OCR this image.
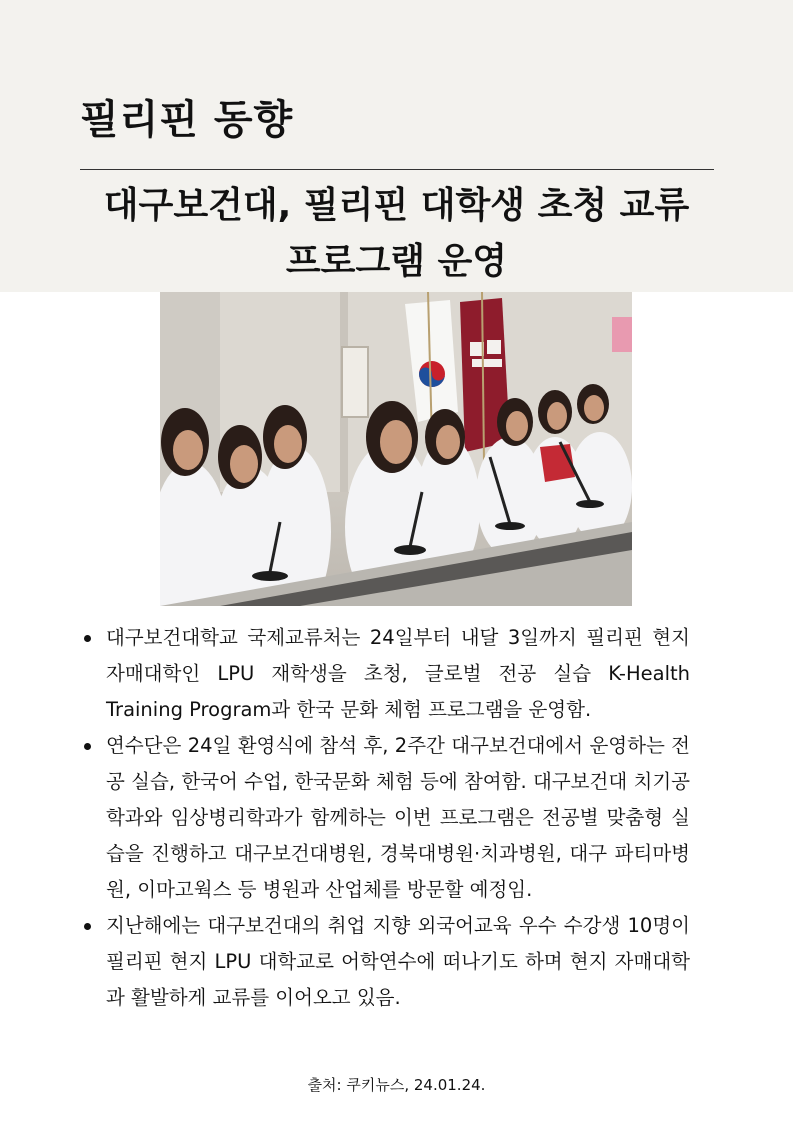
필리핀 동향
대구보건대, 필리핀 대학생 초청 교류
프로그램 운영
대구보건대학교 국제교류처는 24일부터 내달 3일까지 필리핀 현지 자매대학인 LPU 재학생을 초청, 글로벌 전공 실습 K-Health Training Program과 한국 문화 체험 프로그램을 운영함.
연수단은 24일 환영식에 참석 후, 2주간 대구보건대에서 운영하는 전공 실습, 한국어 수업, 한국문화 체험 등에 참여함. 대구보건대 치기공학과와 임상병리학과가 함께하는 이번 프로그램은 전공별 맞춤형 실습을 진행하고 대구보건대병원, 경북대병원·치과병원, 대구 파티마병원, 이마고웍스 등 병원과 산업체를 방문할 예정임.
지난해에는 대구보건대의 취업 지향 외국어교육 우수 수강생 10명이 필리핀 현지 LPU 대학교로 어학연수에 떠나기도 하며 현지 자매대학과 활발하게 교류를 이어오고 있음.
출처: 쿠키뉴스, 24.01.24.
